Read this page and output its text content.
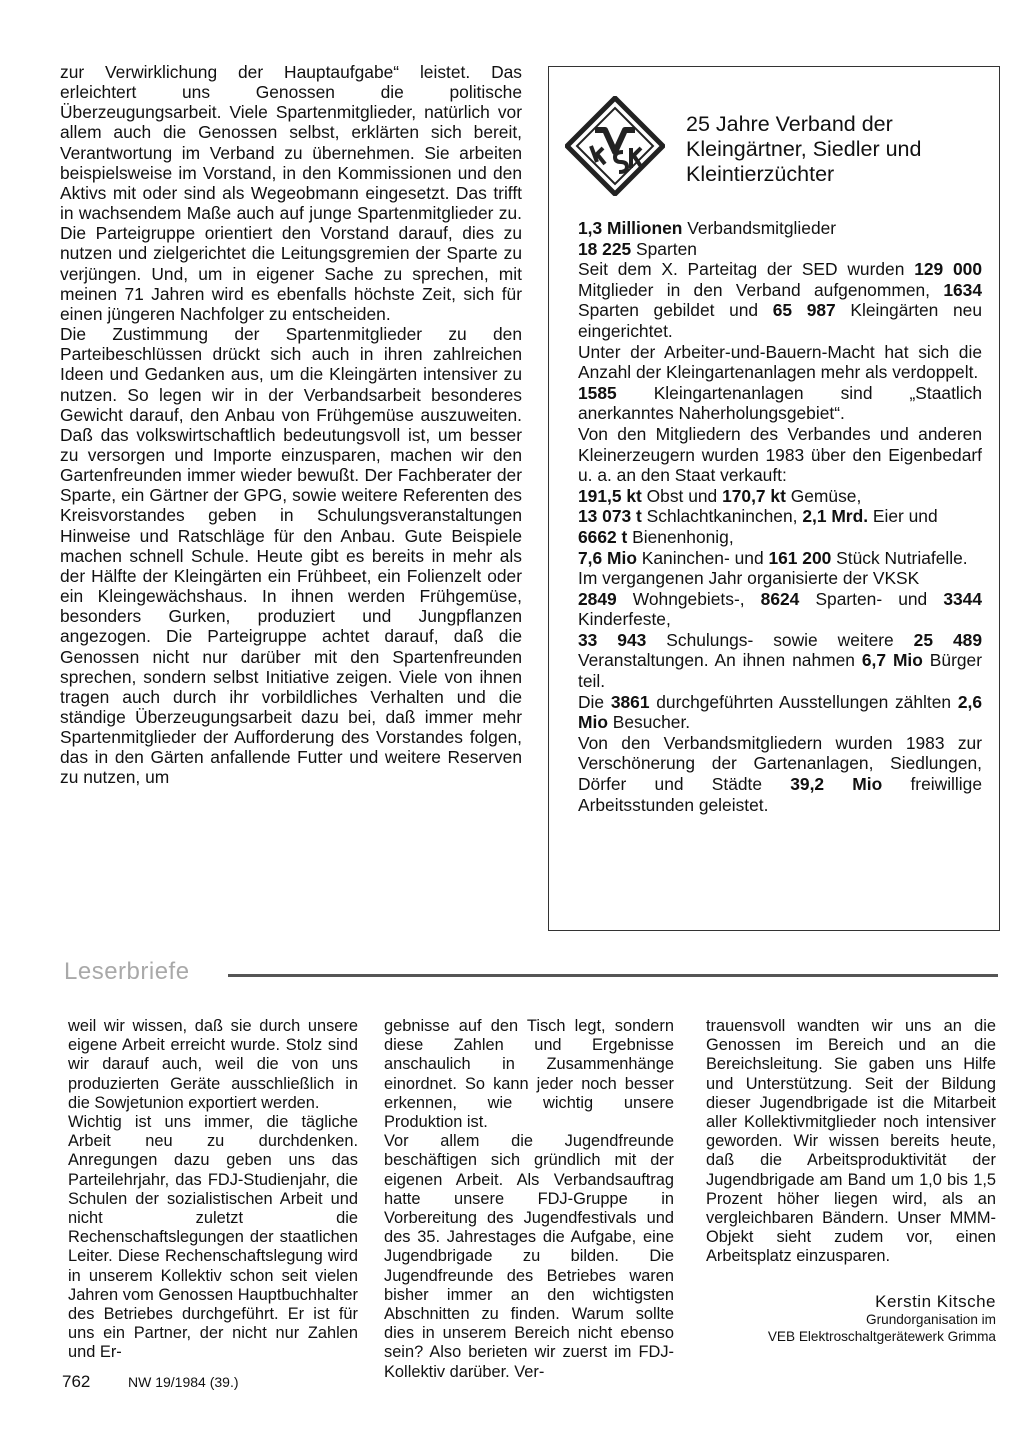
zur Verwirklichung der Hauptaufgabe“ leistet. Das erleichtert uns Genossen die politische Überzeugungsarbeit. Viele Spartenmitglieder, natürlich vor allem auch die Genossen selbst, erklärten sich bereit, Verantwortung im Verband zu übernehmen. Sie arbeiten beispielsweise im Vorstand, in den Kommissionen und den Aktivs mit oder sind als Wegeobmann eingesetzt. Das trifft in wachsendem Maße auch auf junge Spartenmitglieder zu. Die Parteigruppe orientiert den Vorstand darauf, dies zu nutzen und zielgerichtet die Leitungsgremien der Sparte zu verjüngen. Und, um in eigener Sache zu sprechen, mit meinen 71 Jahren wird es ebenfalls höchste Zeit, sich für einen jüngeren Nachfolger zu entscheiden.

Die Zustimmung der Spartenmitglieder zu den Parteibeschlüssen drückt sich auch in ihren zahlreichen Ideen und Gedanken aus, um die Kleingärten intensiver zu nutzen. So legen wir in der Verbandsarbeit besonderes Gewicht darauf, den Anbau von Frühgemüse auszuweiten. Daß das volkswirtschaftlich bedeutungsvoll ist, um besser zu versorgen und Importe einzusparen, machen wir den Gartenfreunden immer wieder bewußt. Der Fachberater der Sparte, ein Gärtner der GPG, sowie weitere Referenten des Kreisvorstandes geben in Schulungsveranstaltungen Hinweise und Ratschläge für den Anbau. Gute Beispiele machen schnell Schule. Heute gibt es bereits in mehr als der Hälfte der Kleingärten ein Frühbeet, ein Folienzelt oder ein Kleingewächshaus. In ihnen werden Frühgemüse, besonders Gurken, produziert und Jungpflanzen angezogen. Die Parteigruppe achtet darauf, daß die Genossen nicht nur darüber mit den Spartenfreunden sprechen, sondern selbst Initiative zeigen. Viele von ihnen tragen auch durch ihr vorbildliches Verhalten und die ständige Überzeugungsarbeit dazu bei, daß immer mehr Spartenmitglieder der Aufforderung des Vorstandes folgen, das in den Gärten anfallende Futter und weitere Reserven zu nutzen, um

25 Jahre Verband der Kleingärtner, Siedler und Kleintierzüchter

1,3 Millionen Verbandsmitglieder

18 225 Sparten

Seit dem X. Parteitag der SED wurden 129 000 Mitglieder in den Verband aufgenommen, 1634 Sparten gebildet und 65 987 Kleingärten neu eingerichtet.

Unter der Arbeiter-und-Bauern-Macht hat sich die Anzahl der Kleingartenanlagen mehr als verdoppelt.

1585 Kleingartenanlagen sind „Staatlich anerkanntes Naherholungsgebiet“.

Von den Mitgliedern des Verbandes und anderen Kleinerzeugern wurden 1983 über den Eigenbedarf u. a. an den Staat verkauft:

191,5 kt Obst und 170,7 kt Gemüse,

13 073 t Schlachtkaninchen, 2,1 Mrd. Eier und

6662 t Bienenhonig,

7,6 Mio Kaninchen- und 161 200 Stück Nutriafelle.

Im vergangenen Jahr organisierte der VKSK

2849 Wohngebiets-, 8624 Sparten- und 3344 Kinderfeste,

33 943 Schulungs- sowie weitere 25 489 Veranstaltungen. An ihnen nahmen 6,7 Mio Bürger teil.

Die 3861 durchgeführten Ausstellungen zählten 2,6 Mio Besucher.

Von den Verbandsmitgliedern wurden 1983 zur Verschönerung der Gartenanlagen, Siedlungen, Dörfer und Städte 39,2 Mio freiwillige Arbeitsstunden geleistet.

Leserbriefe

weil wir wissen, daß sie durch unsere eigene Arbeit erreicht wurde. Stolz sind wir darauf auch, weil die von uns produzierten Geräte ausschließlich in die Sowjetunion exportiert werden.

Wichtig ist uns immer, die tägliche Arbeit neu zu durchdenken. Anregungen dazu geben uns das Parteilehrjahr, das FDJ-Studienjahr, die Schulen der sozialistischen Arbeit und nicht zuletzt die Rechenschaftslegungen der staatlichen Leiter. Diese Rechenschaftslegung wird in unserem Kollektiv schon seit vielen Jahren vom Genossen Hauptbuchhalter des Betriebes durchgeführt. Er ist für uns ein Partner, der nicht nur Zahlen und Er-

gebnisse auf den Tisch legt, sondern diese Zahlen und Ergebnisse anschaulich in Zusammenhänge einordnet. So kann jeder noch besser erkennen, wie wichtig unsere Produktion ist.

Vor allem die Jugendfreunde beschäftigen sich gründlich mit der eigenen Arbeit. Als Verbandsauftrag hatte unsere FDJ-Gruppe in Vorbereitung des Jugendfestivals und des 35. Jahrestages die Aufgabe, eine Jugendbrigade zu bilden. Die Jugendfreunde des Betriebes waren bisher immer an den wichtigsten Abschnitten zu finden. Warum sollte dies in unserem Bereich nicht ebenso sein? Also berieten wir zuerst im FDJ-Kollektiv darüber. Ver-

trauensvoll wandten wir uns an die Genossen im Bereich und an die Bereichsleitung. Sie gaben uns Hilfe und Unterstützung. Seit der Bildung dieser Jugendbrigade ist die Mitarbeit aller Kollektivmitglieder noch intensiver geworden. Wir wissen bereits heute, daß die Arbeitsproduktivität der Jugendbrigade am Band um 1,0 bis 1,5 Prozent höher liegen wird, als an vergleichbaren Bändern. Unser MMM-Objekt sieht zudem vor, einen Arbeitsplatz einzusparen.

Kerstin Kitsche
Grundorganisation im
VEB Elektroschaltgerätewerk Grimma
762	NW 19/1984 (39.)
